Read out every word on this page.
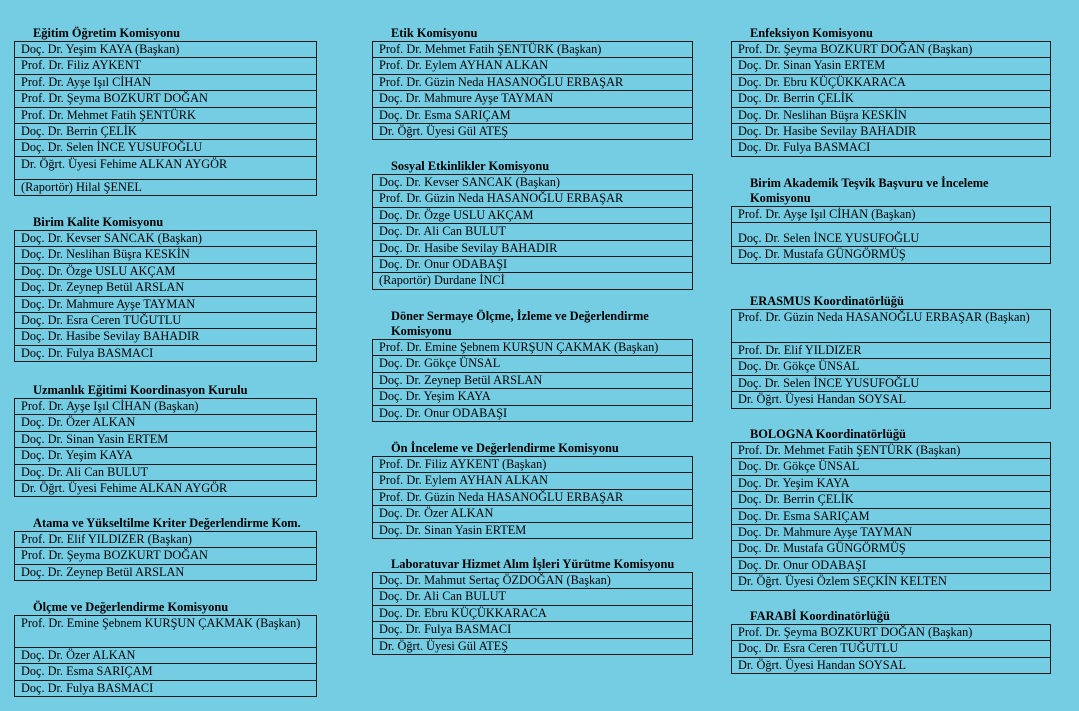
Eğitim Öğretim Komisyonu
Doç. Dr. Yeşim KAYA (Başkan)
Prof. Dr. Filiz AYKENT
Prof. Dr. Ayşe Işıl CİHAN
Prof. Dr. Şeyma BOZKURT DOĞAN
Prof. Dr. Mehmet Fatih ŞENTÜRK
Doç. Dr. Berrin ÇELİK
Doç. Dr. Selen İNCE YUSUFOĞLU
Dr. Öğrt. Üyesi Fehime ALKAN AYGÖR
(Raportör) Hilal ŞENEL
Birim Kalite Komisyonu
Doç. Dr. Kevser SANCAK (Başkan)
Doç. Dr. Neslihan Büşra KESKİN
Doç. Dr. Özge USLU AKÇAM
Doç. Dr. Zeynep Betül ARSLAN
Doç. Dr. Mahmure Ayşe TAYMAN
Doç. Dr. Esra Ceren TUĞUTLU
Doç. Dr. Hasibe Sevilay BAHADIR
Doç. Dr. Fulya BASMACI
Uzmanlık Eğitimi Koordinasyon Kurulu
Prof. Dr. Ayşe Işıl CİHAN (Başkan)
Doç. Dr. Özer ALKAN
Doç. Dr. Sinan Yasin ERTEM
Doç. Dr. Yeşim KAYA
Doç. Dr. Ali Can BULUT
Dr. Öğrt. Üyesi Fehime ALKAN AYGÖR
Atama ve Yükseltilme Kriter Değerlendirme Kom.
Prof. Dr. Elif YILDIZER (Başkan)
Prof. Dr. Şeyma BOZKURT DOĞAN
Doç. Dr. Zeynep Betül ARSLAN
Ölçme ve Değerlendirme Komisyonu
Prof. Dr. Emine Şebnem KURŞUN ÇAKMAK (Başkan)
Doç. Dr. Özer ALKAN
Doç. Dr. Esma SARIÇAM
Doç. Dr. Fulya BASMACI
Etik Komisyonu
Prof. Dr. Mehmet Fatih ŞENTÜRK (Başkan)
Prof. Dr. Eylem AYHAN ALKAN
Prof. Dr. Güzin Neda HASANOĞLU ERBAŞAR
Doç. Dr. Mahmure Ayşe TAYMAN
Doç. Dr. Esma SARIÇAM
Dr. Öğrt. Üyesi Gül ATEŞ
Sosyal Etkinlikler Komisyonu
Doç. Dr. Kevser SANCAK (Başkan)
Prof. Dr. Güzin Neda HASANOĞLU ERBAŞAR
Doç. Dr. Özge USLU AKÇAM
Doç. Dr. Ali Can BULUT
Doç. Dr. Hasibe Sevilay BAHADIR
Doç. Dr. Onur ODABAŞI
(Raportör) Durdane İNCİ
Döner Sermaye Ölçme, İzleme ve Değerlendirme Komisyonu
Prof. Dr. Emine Şebnem KURŞUN ÇAKMAK (Başkan)
Doç. Dr. Gökçe ÜNSAL
Doç. Dr. Zeynep Betül ARSLAN
Doç. Dr. Yeşim KAYA
Doç. Dr. Onur ODABAŞI
Ön İnceleme ve Değerlendirme Komisyonu
Prof. Dr. Filiz AYKENT (Başkan)
Prof. Dr. Eylem AYHAN ALKAN
Prof. Dr. Güzin Neda HASANOĞLU ERBAŞAR
Doç. Dr. Özer ALKAN
Doç. Dr. Sinan Yasin ERTEM
Laboratuvar Hizmet Alım İşleri Yürütme Komisyonu
Doç. Dr. Mahmut Sertaç ÖZDOĞAN (Başkan)
Doç. Dr. Ali Can BULUT
Doç. Dr. Ebru KÜÇÜKKARACA
Doç. Dr. Fulya BASMACI
Dr. Öğrt. Üyesi Gül ATEŞ
Enfeksiyon Komisyonu
Prof. Dr. Şeyma BOZKURT DOĞAN (Başkan)
Doç. Dr. Sinan Yasin ERTEM
Doç. Dr. Ebru KÜÇÜKKARACA
Doç. Dr. Berrin ÇELİK
Doç. Dr. Neslihan Büşra KESKİN
Doç. Dr. Hasibe Sevilay BAHADIR
Doç. Dr. Fulya BASMACI
Birim Akademik Teşvik Başvuru ve İnceleme Komisyonu
Prof. Dr. Ayşe Işıl CİHAN (Başkan)
Doç. Dr. Selen İNCE YUSUFOĞLU
Doç. Dr. Mustafa GÜNGÖRMÜŞ
ERASMUS Koordinatörlüğü
Prof. Dr. Güzin Neda HASANOĞLU ERBAŞAR (Başkan)
Prof. Dr. Elif YILDIZER
Doç. Dr. Gökçe ÜNSAL
Doç. Dr. Selen İNCE YUSUFOĞLU
Dr. Öğrt. Üyesi Handan SOYSAL
BOLOGNA Koordinatörlüğü
Prof. Dr. Mehmet Fatih ŞENTÜRK (Başkan)
Doç. Dr. Gökçe ÜNSAL
Doç. Dr. Yeşim KAYA
Doç. Dr. Berrin ÇELİK
Doç. Dr. Esma SARIÇAM
Doç. Dr. Mahmure Ayşe TAYMAN
Doç. Dr. Mustafa GÜNGÖRMÜŞ
Doç. Dr. Onur ODABAŞI
Dr. Öğrt. Üyesi Özlem SEÇKİN KELTEN
FARABİ Koordinatörlüğü
Prof. Dr. Şeyma BOZKURT DOĞAN (Başkan)
Doç. Dr. Esra Ceren TUĞUTLU
Dr. Öğrt. Üyesi Handan SOYSAL
